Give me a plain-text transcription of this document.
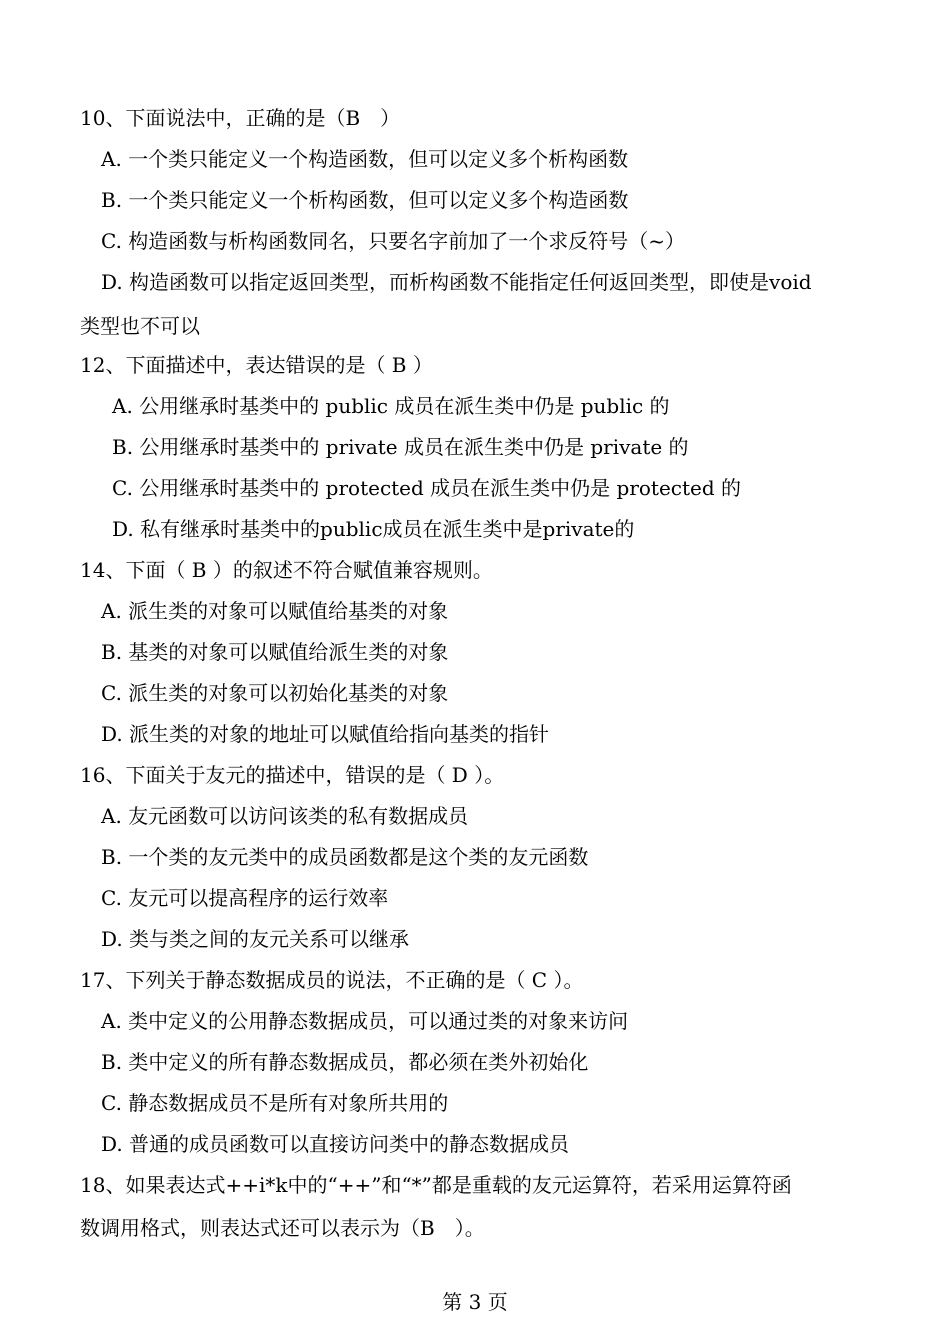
10、下面说法中，正确的是（B　）
A. 一个类只能定义一个构造函数，但可以定义多个析构函数
B. 一个类只能定义一个析构函数，但可以定义多个构造函数
C. 构造函数与析构函数同名，只要名字前加了一个求反符号（~）
D. 构造函数可以指定返回类型，而析构函数不能指定任何返回类型，即使是void
类型也不可以
12、下面描述中，表达错误的是（ B ）
A. 公用继承时基类中的 public 成员在派生类中仍是 public 的
B. 公用继承时基类中的 private 成员在派生类中仍是 private 的
C. 公用继承时基类中的 protected 成员在派生类中仍是 protected 的
D. 私有继承时基类中的public成员在派生类中是private的
14、下面（ B ）的叙述不符合赋值兼容规则。
A. 派生类的对象可以赋值给基类的对象
B. 基类的对象可以赋值给派生类的对象
C. 派生类的对象可以初始化基类的对象
D. 派生类的对象的地址可以赋值给指向基类的指针
16、下面关于友元的描述中，错误的是（ D ）。
A. 友元函数可以访问该类的私有数据成员
B. 一个类的友元类中的成员函数都是这个类的友元函数
C. 友元可以提高程序的运行效率
D. 类与类之间的友元关系可以继承
17、下列关于静态数据成员的说法，不正确的是（ C ）。
A. 类中定义的公用静态数据成员，可以通过类的对象来访问
B. 类中定义的所有静态数据成员，都必须在类外初始化
C. 静态数据成员不是所有对象所共用的
D. 普通的成员函数可以直接访问类中的静态数据成员
18、如果表达式++i*k中的“++”和“*”都是重载的友元运算符，若采用运算符函
数调用格式，则表达式还可以表示为（B　）。
第 3 页
